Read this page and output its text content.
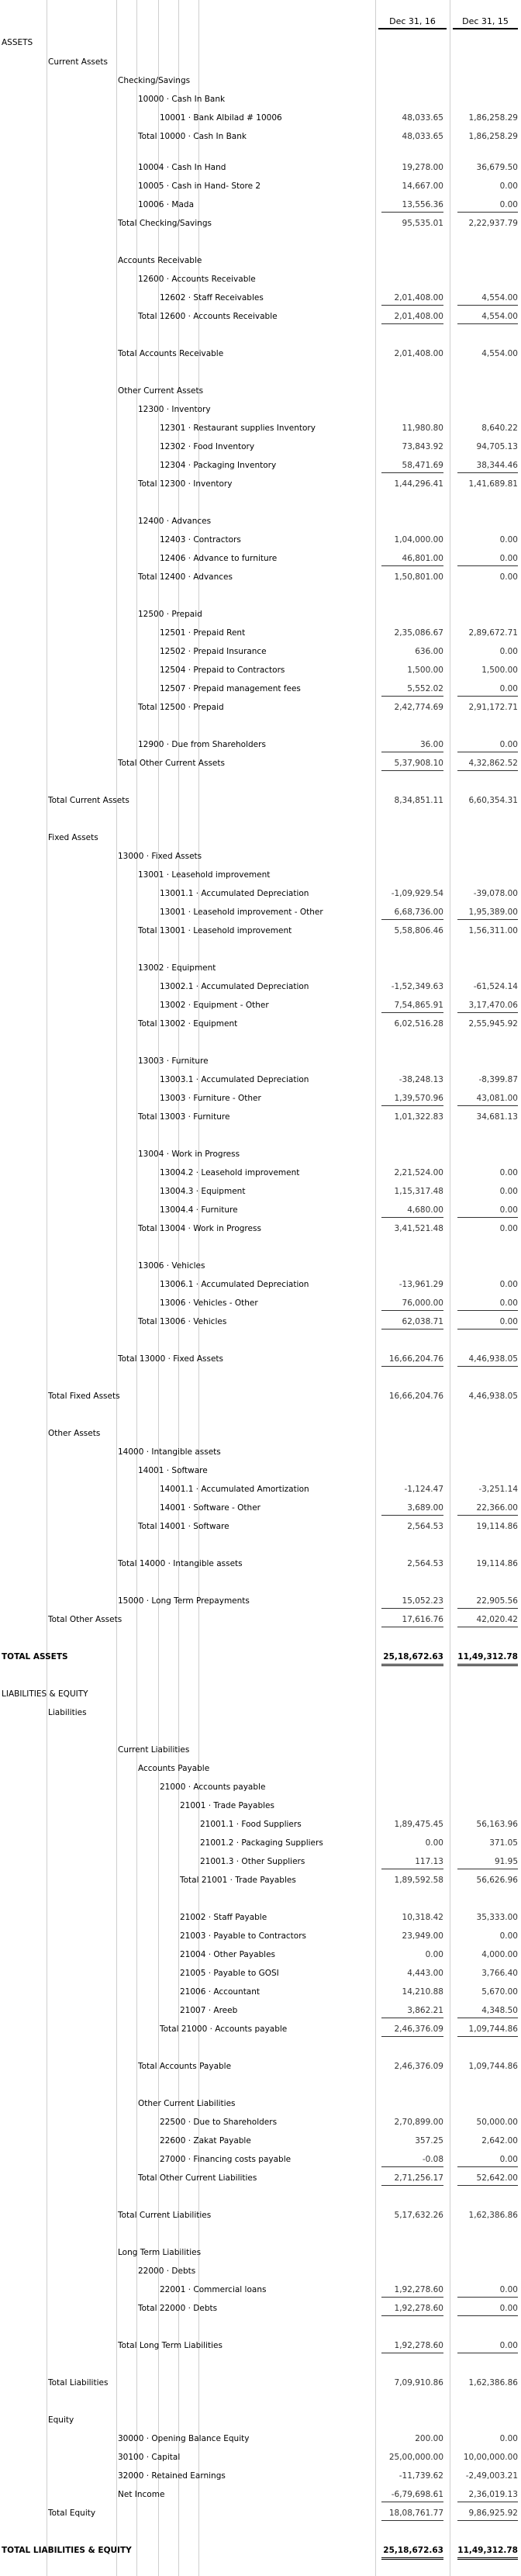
Dec 31, 16	Dec 31, 15
ASSETS
Current Assets
Checking/Savings
10000 · Cash In Bank
10001 · Bank Albilad # 10006	48,033.65	1,86,258.29
Total 10000 · Cash In Bank	48,033.65	1,86,258.29
10004 · Cash In Hand	19,278.00	36,679.50
10005 · Cash in Hand- Store 2	14,667.00	0.00
10006 · Mada	13,556.36	0.00
Total Checking/Savings	95,535.01	2,22,937.79
Accounts Receivable
12600 · Accounts Receivable
12602 · Staff Receivables	2,01,408.00	4,554.00
Total 12600 · Accounts Receivable	2,01,408.00	4,554.00
Total Accounts Receivable	2,01,408.00	4,554.00
Other Current Assets
12300 · Inventory
12301 · Restaurant supplies Inventory	11,980.80	8,640.22
12302 · Food Inventory	73,843.92	94,705.13
12304 · Packaging Inventory	58,471.69	38,344.46
Total 12300 · Inventory	1,44,296.41	1,41,689.81
12400 · Advances
12403 · Contractors	1,04,000.00	0.00
12406 · Advance to furniture	46,801.00	0.00
Total 12400 · Advances	1,50,801.00	0.00
12500 · Prepaid
12501 · Prepaid Rent	2,35,086.67	2,89,672.71
12502 · Prepaid Insurance	636.00	0.00
12504 · Prepaid to Contractors	1,500.00	1,500.00
12507 · Prepaid management fees	5,552.02	0.00
Total 12500 · Prepaid	2,42,774.69	2,91,172.71
12900 · Due from Shareholders	36.00	0.00
Total Other Current Assets	5,37,908.10	4,32,862.52
Total Current Assets	8,34,851.11	6,60,354.31
Fixed Assets
13000 · Fixed Assets
13001 · Leasehold improvement
13001.1 · Accumulated Depreciation	-1,09,929.54	-39,078.00
13001 · Leasehold improvement - Other	6,68,736.00	1,95,389.00
Total 13001 · Leasehold improvement	5,58,806.46	1,56,311.00
13002 · Equipment
13002.1 · Accumulated Depreciation	-1,52,349.63	-61,524.14
13002 · Equipment - Other	7,54,865.91	3,17,470.06
Total 13002 · Equipment	6,02,516.28	2,55,945.92
13003 · Furniture
13003.1 · Accumulated Depreciation	-38,248.13	-8,399.87
13003 · Furniture - Other	1,39,570.96	43,081.00
Total 13003 · Furniture	1,01,322.83	34,681.13
13004 · Work in Progress
13004.2 · Leasehold improvement	2,21,524.00	0.00
13004.3 · Equipment	1,15,317.48	0.00
13004.4 · Furniture	4,680.00	0.00
Total 13004 · Work in Progress	3,41,521.48	0.00
13006 · Vehicles
13006.1 · Accumulated Depreciation	-13,961.29	0.00
13006 · Vehicles - Other	76,000.00	0.00
Total 13006 · Vehicles	62,038.71	0.00
Total 13000 · Fixed Assets	16,66,204.76	4,46,938.05
Total Fixed Assets	16,66,204.76	4,46,938.05
Other Assets
14000 · Intangible assets
14001 · Software
14001.1 · Accumulated Amortization	-1,124.47	-3,251.14
14001 · Software - Other	3,689.00	22,366.00
Total 14001 · Software	2,564.53	19,114.86
Total 14000 · Intangible assets	2,564.53	19,114.86
15000 · Long Term Prepayments	15,052.23	22,905.56
Total Other Assets	17,616.76	42,020.42
TOTAL ASSETS	25,18,672.63 11,49,312.78
LIABILITIES & EQUITY
Liabilities
Current Liabilities
Accounts Payable
21000 · Accounts payable
21001 · Trade Payables
21001.1 · Food Suppliers	1,89,475.45	56,163.96
21001.2 · Packaging Suppliers	0.00	371.05
21001.3 · Other Suppliers	117.13	91.95
Total 21001 · Trade Payables	1,89,592.58	56,626.96
21002 · Staff Payable	10,318.42	35,333.00
21003 · Payable to Contractors	23,949.00	0.00
21004 · Other Payables	0.00	4,000.00
21005 · Payable to GOSI	4,443.00	3,766.40
21006 · Accountant	14,210.88	5,670.00
21007 · Areeb	3,862.21	4,348.50
Total 21000 · Accounts payable	2,46,376.09	1,09,744.86
Total Accounts Payable	2,46,376.09	1,09,744.86
Other Current Liabilities
22500 · Due to Shareholders	2,70,899.00	50,000.00
22600 · Zakat Payable	357.25	2,642.00
27000 · Financing costs payable	-0.08	0.00
Total Other Current Liabilities	2,71,256.17	52,642.00
Total Current Liabilities	5,17,632.26	1,62,386.86
Long Term Liabilities
22000 · Debts
22001 · Commercial loans	1,92,278.60	0.00
Total 22000 · Debts	1,92,278.60	0.00
Total Long Term Liabilities	1,92,278.60	0.00
Total Liabilities	7,09,910.86	1,62,386.86
Equity
30000 · Opening Balance Equity	200.00	0.00
30100 · Capital	25,00,000.00	10,00,000.00
32000 · Retained Earnings	-11,739.62	-2,49,003.21
Net Income	-6,79,698.61	2,36,019.13
Total Equity	18,08,761.77	9,86,925.92
TOTAL LIABILITIES & EQUITY	25,18,672.63 11,49,312.78
